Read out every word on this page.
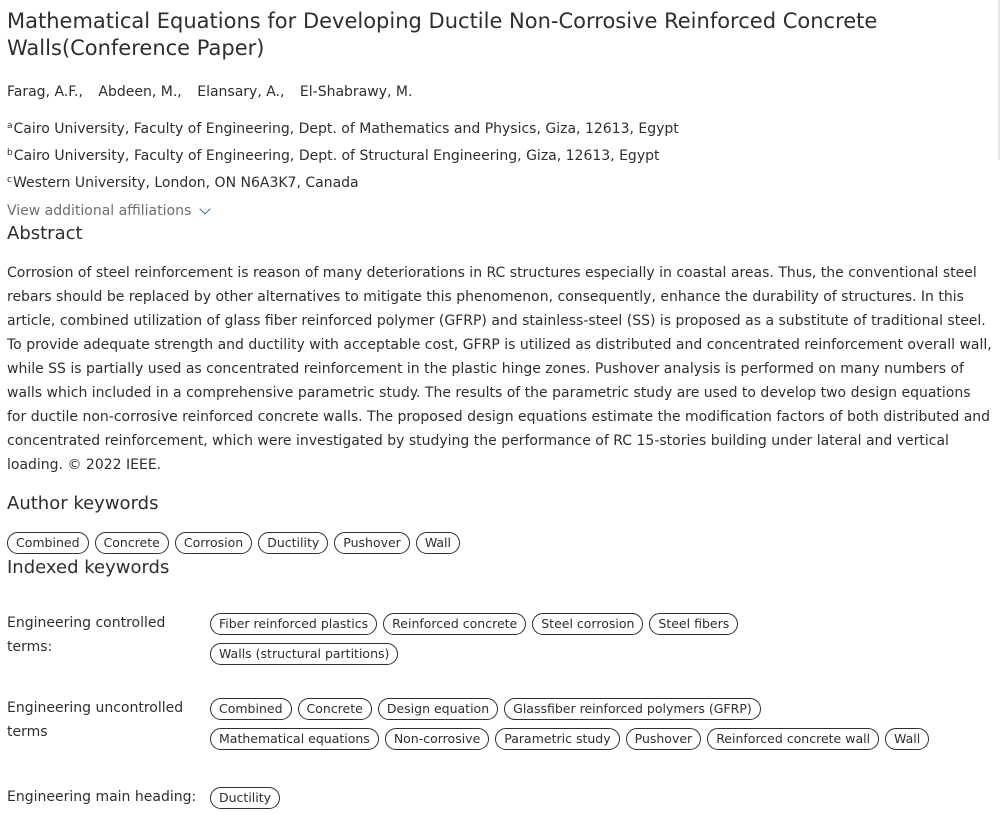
Mathematical Equations for Developing Ductile Non-Corrosive Reinforced Concrete Walls(Conference Paper)
Farag, A.F., Abdeen, M., Elansary, A., El-Shabrawy, M.
$^a$Cairo University, Faculty of Engineering, Dept. of Mathematics and Physics, Giza, 12613, Egypt
$^b$Cairo University, Faculty of Engineering, Dept. of Structural Engineering, Giza, 12613, Egypt
$^c$Western University, London, ON N6A3K7, Canada
View additional affiliations
Abstract
Corrosion of steel reinforcement is reason of many deteriorations in RC structures especially in coastal areas. Thus, the conventional steel rebars should be replaced by other alternatives to mitigate this phenomenon, consequently, enhance the durability of structures. In this article, combined utilization of glass fiber reinforced polymer (GFRP) and stainless-steel (SS) is proposed as a substitute of traditional steel. To provide adequate strength and ductility with acceptable cost, GFRP is utilized as distributed and concentrated reinforcement overall wall, while SS is partially used as concentrated reinforcement in the plastic hinge zones. Pushover analysis is performed on many numbers of walls which included in a comprehensive parametric study. The results of the parametric study are used to develop two design equations for ductile non-corrosive reinforced concrete walls. The proposed design equations estimate the modification factors of both distributed and concentrated reinforcement, which were investigated by studying the performance of RC 15-stories building under lateral and vertical loading. © 2022 IEEE.
Author keywords
Combined	Concrete	Corrosion	Ductility	Pushover	Wall
Indexed keywords
Engineering controlled terms:
Fiber reinforced plastics	Reinforced concrete	Steel corrosion	Steel fibers
Walls (structural partitions)
Engineering uncontrolled terms
Combined	Concrete	Design equation	Glassfiber reinforced polymers (GFRP)
Mathematical equations	Non-corrosive	Parametric study	Pushover	Reinforced concrete wall	Wall
Engineering main heading:	Ductility
